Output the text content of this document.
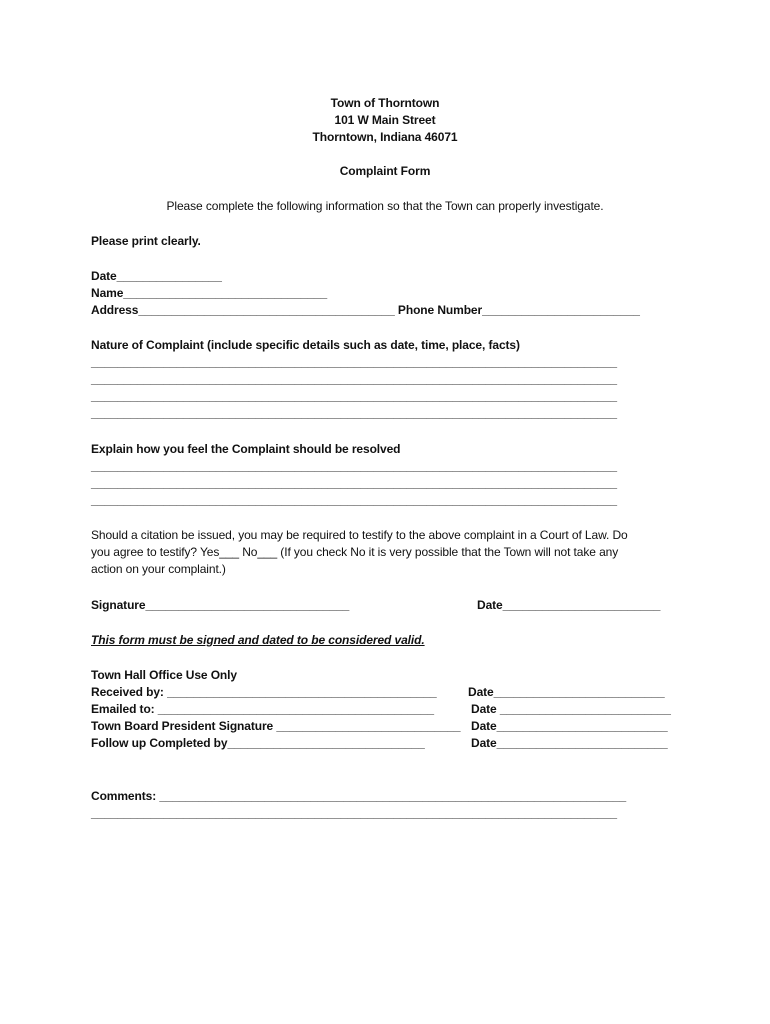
Town of Thorntown
101 W Main Street
Thorntown, Indiana 46071
Complaint Form
Please complete the following information so that the Town can properly investigate.
Please print clearly.
Date________________
Name_______________________________
Address_______________________________________ Phone Number________________________
Nature of Complaint (include specific details such as date, time, place, facts)
________________________________________________________________________________
________________________________________________________________________________
________________________________________________________________________________
________________________________________________________________________________
Explain how you feel the Complaint should be resolved
________________________________________________________________________________
________________________________________________________________________________
________________________________________________________________________________
Should a citation be issued, you may be required to testify to the above complaint in a Court of Law. Do
you agree to testify? Yes___ No___ (If you check No it is very possible that the Town will not take any
action on your complaint.)
Signature_______________________________	Date________________________
This form must be signed and dated to be considered valid.
Town Hall Office Use Only
Received by: _________________________________________	Date__________________________
Emailed to: __________________________________________	Date __________________________
Town Board President Signature ____________________________ Date__________________________
Follow up Completed by______________________________	Date__________________________
Comments: _______________________________________________________________________
________________________________________________________________________________
